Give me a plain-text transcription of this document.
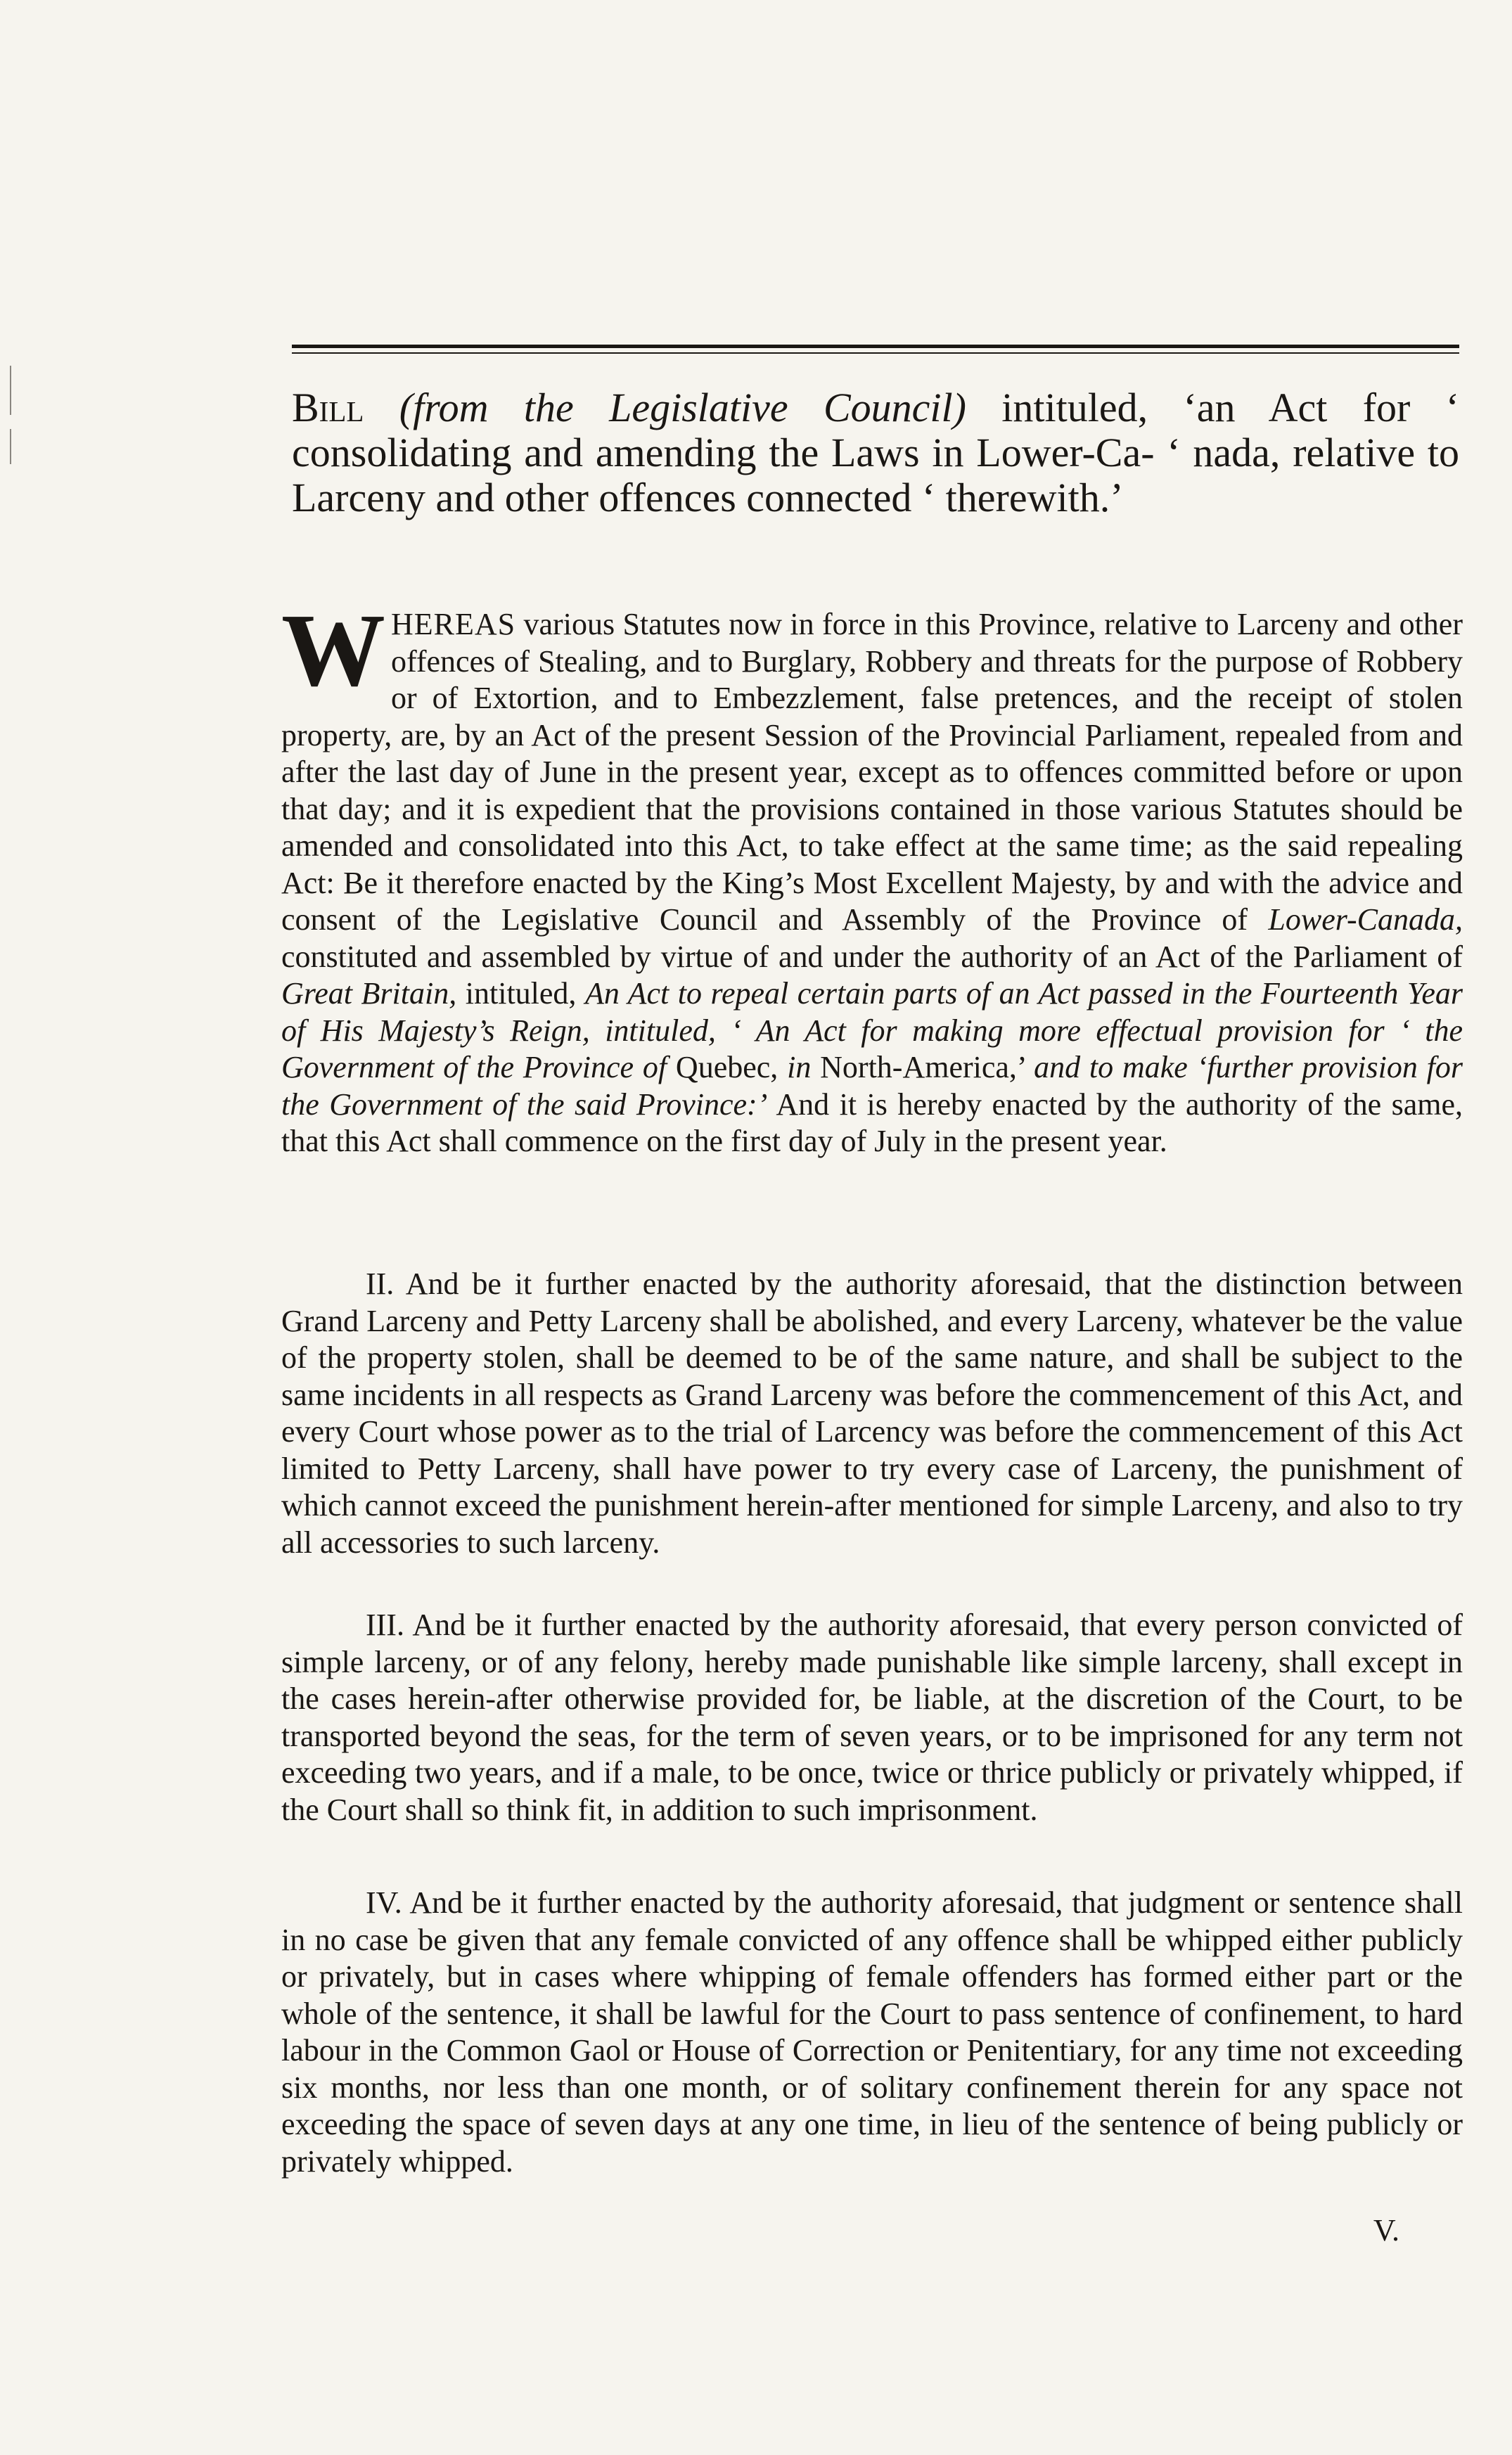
Bill (from the Legislative Council) intituled, ‘an Act for ‘ consolidating and amending the Laws in Lower-Ca- ‘ nada, relative to Larceny and other offences connected ‘ therewith.’
WHEREAS various Statutes now in force in this Province, relative to Larceny and other offences of Stealing, and to Burglary, Robbery and threats for the purpose of Robbery or of Extortion, and to Embezzlement, false pretences, and the receipt of stolen property, are, by an Act of the present Session of the Provincial Parliament, repealed from and after the last day of June in the present year, except as to offences committed before or upon that day; and it is expedient that the provisions contained in those various Statutes should be amended and consolidated into this Act, to take effect at the same time; as the said repealing Act: Be it therefore enacted by the King’s Most Excellent Majesty, by and with the advice and consent of the Legislative Council and Assembly of the Province of Lower-Canada, constituted and assembled by virtue of and under the authority of an Act of the Parliament of Great Britain, intituled, An Act to repeal certain parts of an Act passed in the Fourteenth Year of His Majesty’s Reign, intituled, ‘ An Act for making more effectual provision for ‘ the Government of the Province of Quebec, in North-America,’ and to make ‘further provision for the Government of the said Province:’ And it is hereby enacted by the authority of the same, that this Act shall commence on the first day of July in the present year.
II. And be it further enacted by the authority aforesaid, that the distinction between Grand Larceny and Petty Larceny shall be abolished, and every Larceny, whatever be the value of the property stolen, shall be deemed to be of the same nature, and shall be subject to the same incidents in all respects as Grand Larceny was before the commencement of this Act, and every Court whose power as to the trial of Larcency was before the commencement of this Act limited to Petty Larceny, shall have power to try every case of Larceny, the punishment of which cannot exceed the punishment herein-after mentioned for simple Larceny, and also to try all accessories to such larceny.
III. And be it further enacted by the authority aforesaid, that every person convicted of simple larceny, or of any felony, hereby made punishable like simple larceny, shall except in the cases herein-after otherwise provided for, be liable, at the discretion of the Court, to be transported beyond the seas, for the term of seven years, or to be imprisoned for any term not exceeding two years, and if a male, to be once, twice or thrice publicly or privately whipped, if the Court shall so think fit, in addition to such imprisonment.
IV. And be it further enacted by the authority aforesaid, that judgment or sentence shall in no case be given that any female convicted of any offence shall be whipped either publicly or privately, but in cases where whipping of female offenders has formed either part or the whole of the sentence, it shall be lawful for the Court to pass sentence of confinement, to hard labour in the Common Gaol or House of Correction or Penitentiary, for any time not exceeding six months, nor less than one month, or of solitary confinement therein for any space not exceeding the space of seven days at any one time, in lieu of the sentence of being publicly or privately whipped.
V.
